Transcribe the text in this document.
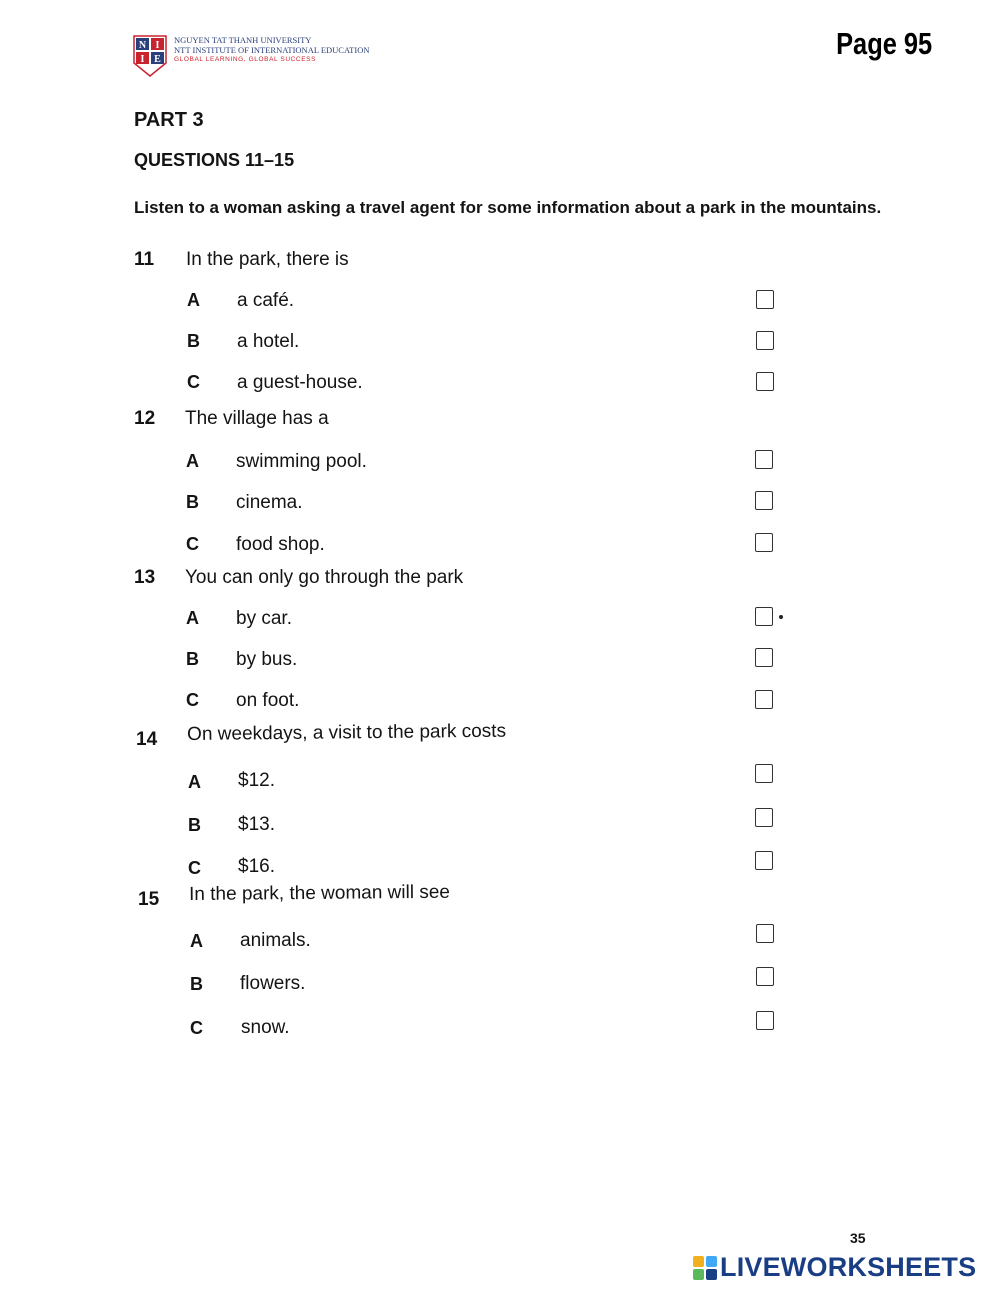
N I
I E
NGUYEN TAT THANH UNIVERSITY
NTT INSTITUTE OF INTERNATIONAL EDUCATION
GLOBAL LEARNING, GLOBAL SUCCESS	Page 95
PART 3
QUESTIONS 11–15
Listen to a woman asking a travel agent for some information about a park in the mountains.
11 In the park, there is
A a café.
B a hotel.
C a guest-house.
12 The village has a
A swimming pool.
B cinema.
C food shop.
13 You can only go through the park
A by car.
B by bus.
C on foot.
14 On weekdays, a visit to the park costs
A $12.
B $13.
C $16.
15 In the park, the woman will see
A animals.
B flowers.
C snow.
35
LIVEWORKSHEETS
